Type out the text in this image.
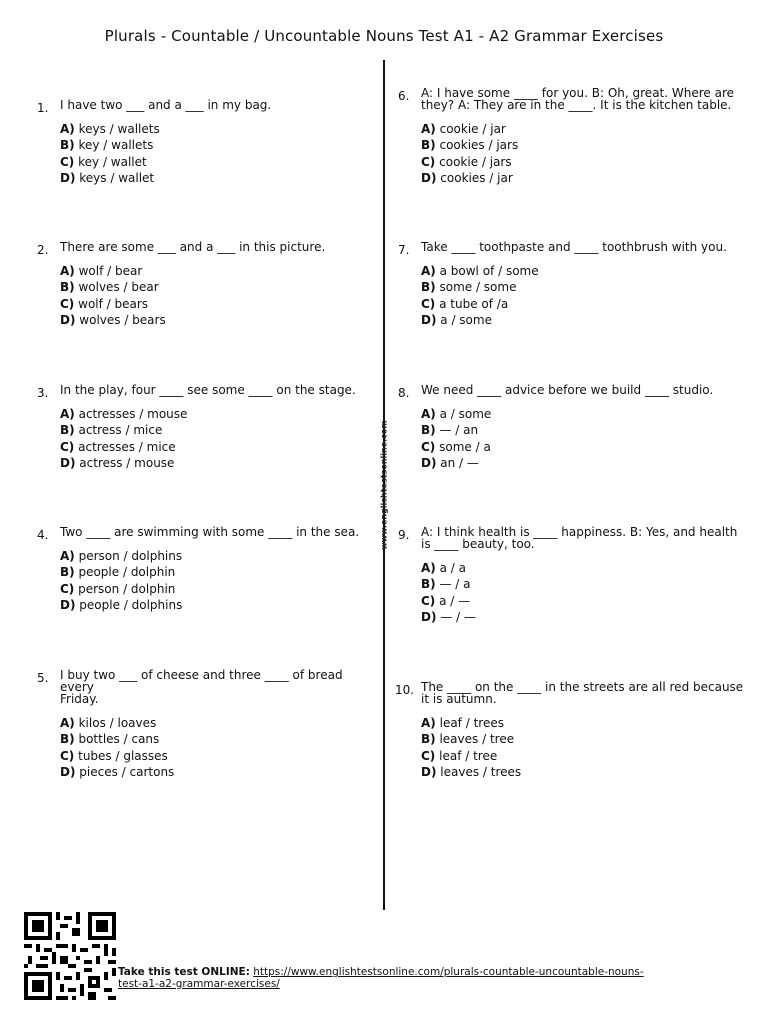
Plurals - Countable / Uncountable Nouns Test A1 - A2 Grammar Exercises
www.englishtestsonline.com
1. I have two ___ and a ___ in my bag.
A) keys / wallets
B) key / wallets
C) key / wallet
D) keys / wallet
2. There are some ___ and a ___ in this picture.
A) wolf / bear
B) wolves / bear
C) wolf / bears
D) wolves / bears
3. In the play, four ____ see some ____ on the stage.
A) actresses / mouse
B) actress / mice
C) actresses / mice
D) actress / mouse
4. Two ____ are swimming with some ____ in the sea.
A) person / dolphins
B) people / dolphin
C) person / dolphin
D) people / dolphins
5. I buy two ___ of cheese and three ____ of bread every
Friday.
A) kilos / loaves
B) bottles / cans
C) tubes / glasses
D) pieces / cartons
6. A: I have some ____ for you. B: Oh, great. Where are
they? A: They are in the ____. It is the kitchen table.
A) cookie / jar
B) cookies / jars
C) cookie / jars
D) cookies / jar
7. Take ____ toothpaste and ____ toothbrush with you.
A) a bowl of / some
B) some / some
C) a tube of /a
D) a / some
8. We need ____ advice before we build ____ studio.
A) a / some
B) — / an
C) some / a
D) an / —
9. A: I think health is ____ happiness. B: Yes, and health
is ____ beauty, too.
A) a / a
B) — / a
C) a / —
D) — / —
10. The ____ on the ____ in the streets are all red because
it is autumn.
A) leaf / trees
B) leaves / tree
C) leaf / tree
D) leaves / trees
Take this test ONLINE: https://www.englishtestsonline.com/plurals-countable-uncountable-nouns-
test-a1-a2-grammar-exercises/
